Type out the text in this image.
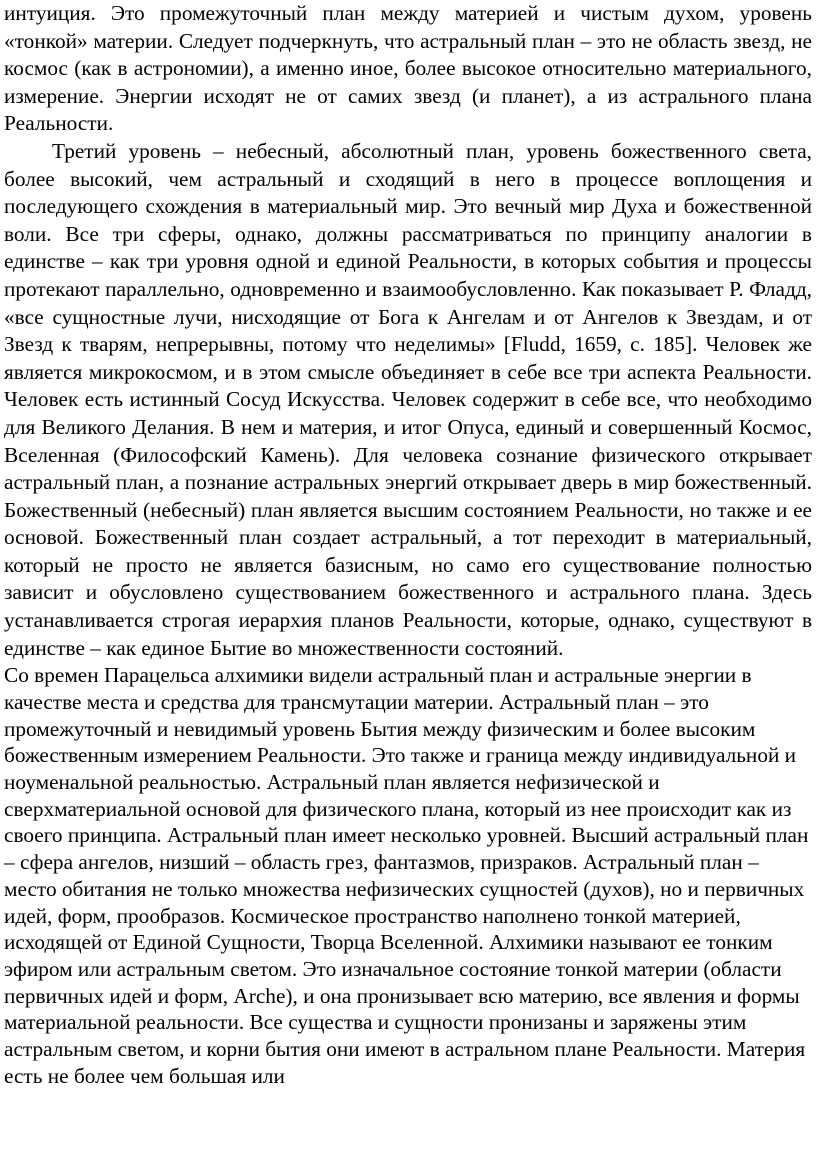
интуиция. Это промежуточный план между материей и чистым духом, уровень «тонкой» материи. Следует подчеркнуть, что астральный план – это не область звезд, не космос (как в астрономии), а именно иное, более высокое относительно материального, измерение. Энергии исходят не от самих звезд (и планет), а из астрального плана Реальности.

Третий уровень – небесный, абсолютный план, уровень божественного света, более высокий, чем астральный и сходящий в него в процессе воплощения и последующего схождения в материальный мир. Это вечный мир Духа и божественной воли. Все три сферы, однако, должны рассматриваться по принципу аналогии в единстве – как три уровня одной и единой Реальности, в которых события и процессы протекают параллельно, одновременно и взаимообусловленно. Как показывает Р. Фладд, «все сущностные лучи, нисходящие от Бога к Ангелам и от Ангелов к Звездам, и от Звезд к тварям, непрерывны, потому что неделимы» [Fludd, 1659, c. 185]. Человек же является микрокосмом, и в этом смысле объединяет в себе все три аспекта Реальности. Человек есть истинный Сосуд Искусства. Человек содержит в себе все, что необходимо для Великого Делания. В нем и материя, и итог Опуса, единый и совершенный Космос, Вселенная (Философский Камень). Для человека сознание физического открывает астральный план, а познание астральных энергий открывает дверь в мир божественный. Божественный (небесный) план является высшим состоянием Реальности, но также и ее основой. Божественный план создает астральный, а тот переходит в материальный, который не просто не является базисным, но само его существование полностью зависит и обусловлено существованием божественного и астрального плана. Здесь устанавливается строгая иерархия планов Реальности, которые, однако, существуют в единстве – как единое Бытие во множественности состояний.

Со времен Парацельса алхимики видели астральный план и астральные энергии в качестве места и средства для трансмутации материи. Астральный план – это промежуточный и невидимый уровень Бытия между физическим и более высоким божественным измерением Реальности. Это также и граница между индивидуальной и ноуменальной реальностью. Астральный план является нефизической и сверхматериальной основой для физического плана, который из нее происходит как из своего принципа. Астральный план имеет несколько уровней. Высший астральный план – сфера ангелов, низший – область грез, фантазмов, призраков. Астральный план – место обитания не только множества нефизических сущностей (духов), но и первичных идей, форм, прообразов. Космическое пространство наполнено тонкой материей, исходящей от Единой Сущности, Творца Вселенной. Алхимики называют ее тонким эфиром или астральным светом. Это изначальное состояние тонкой материи (области первичных идей и форм, Arche), и она пронизывает всю материю, все явления и формы материальной реальности. Все существа и сущности пронизаны и заряжены этим астральным светом, и корни бытия они имеют в астральном плане Реальности. Материя есть не более чем большая или
